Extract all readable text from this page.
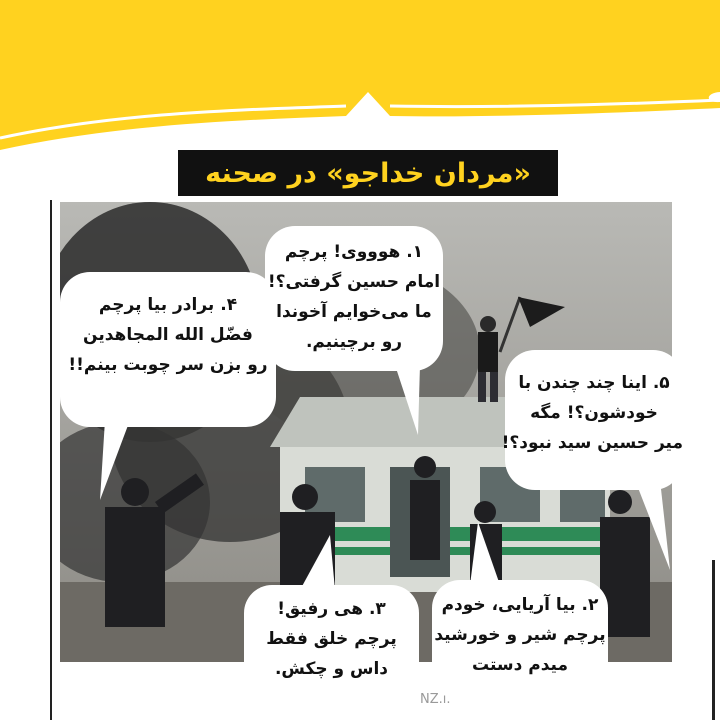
«مردان خداجو» در صحنه
۱. هوووی! پرچم
امام حسین گرفتی؟!
ما می‌خوایم آخوندا
رو برچینیم.
۲. بیا آریایی، خودم
پرچم شیر و خورشید
میدم دستت
۳. هی رفیق!
پرچم خلق فقط
داس و چکش.
۴. برادر بیا پرچم
فضّل الله المجاهدین
رو بزن سر چوبت بینم!!
۵. اینا چند چندن با
خودشون؟! مگه
میر حسین سید نبود؟!
NZ.ı.
